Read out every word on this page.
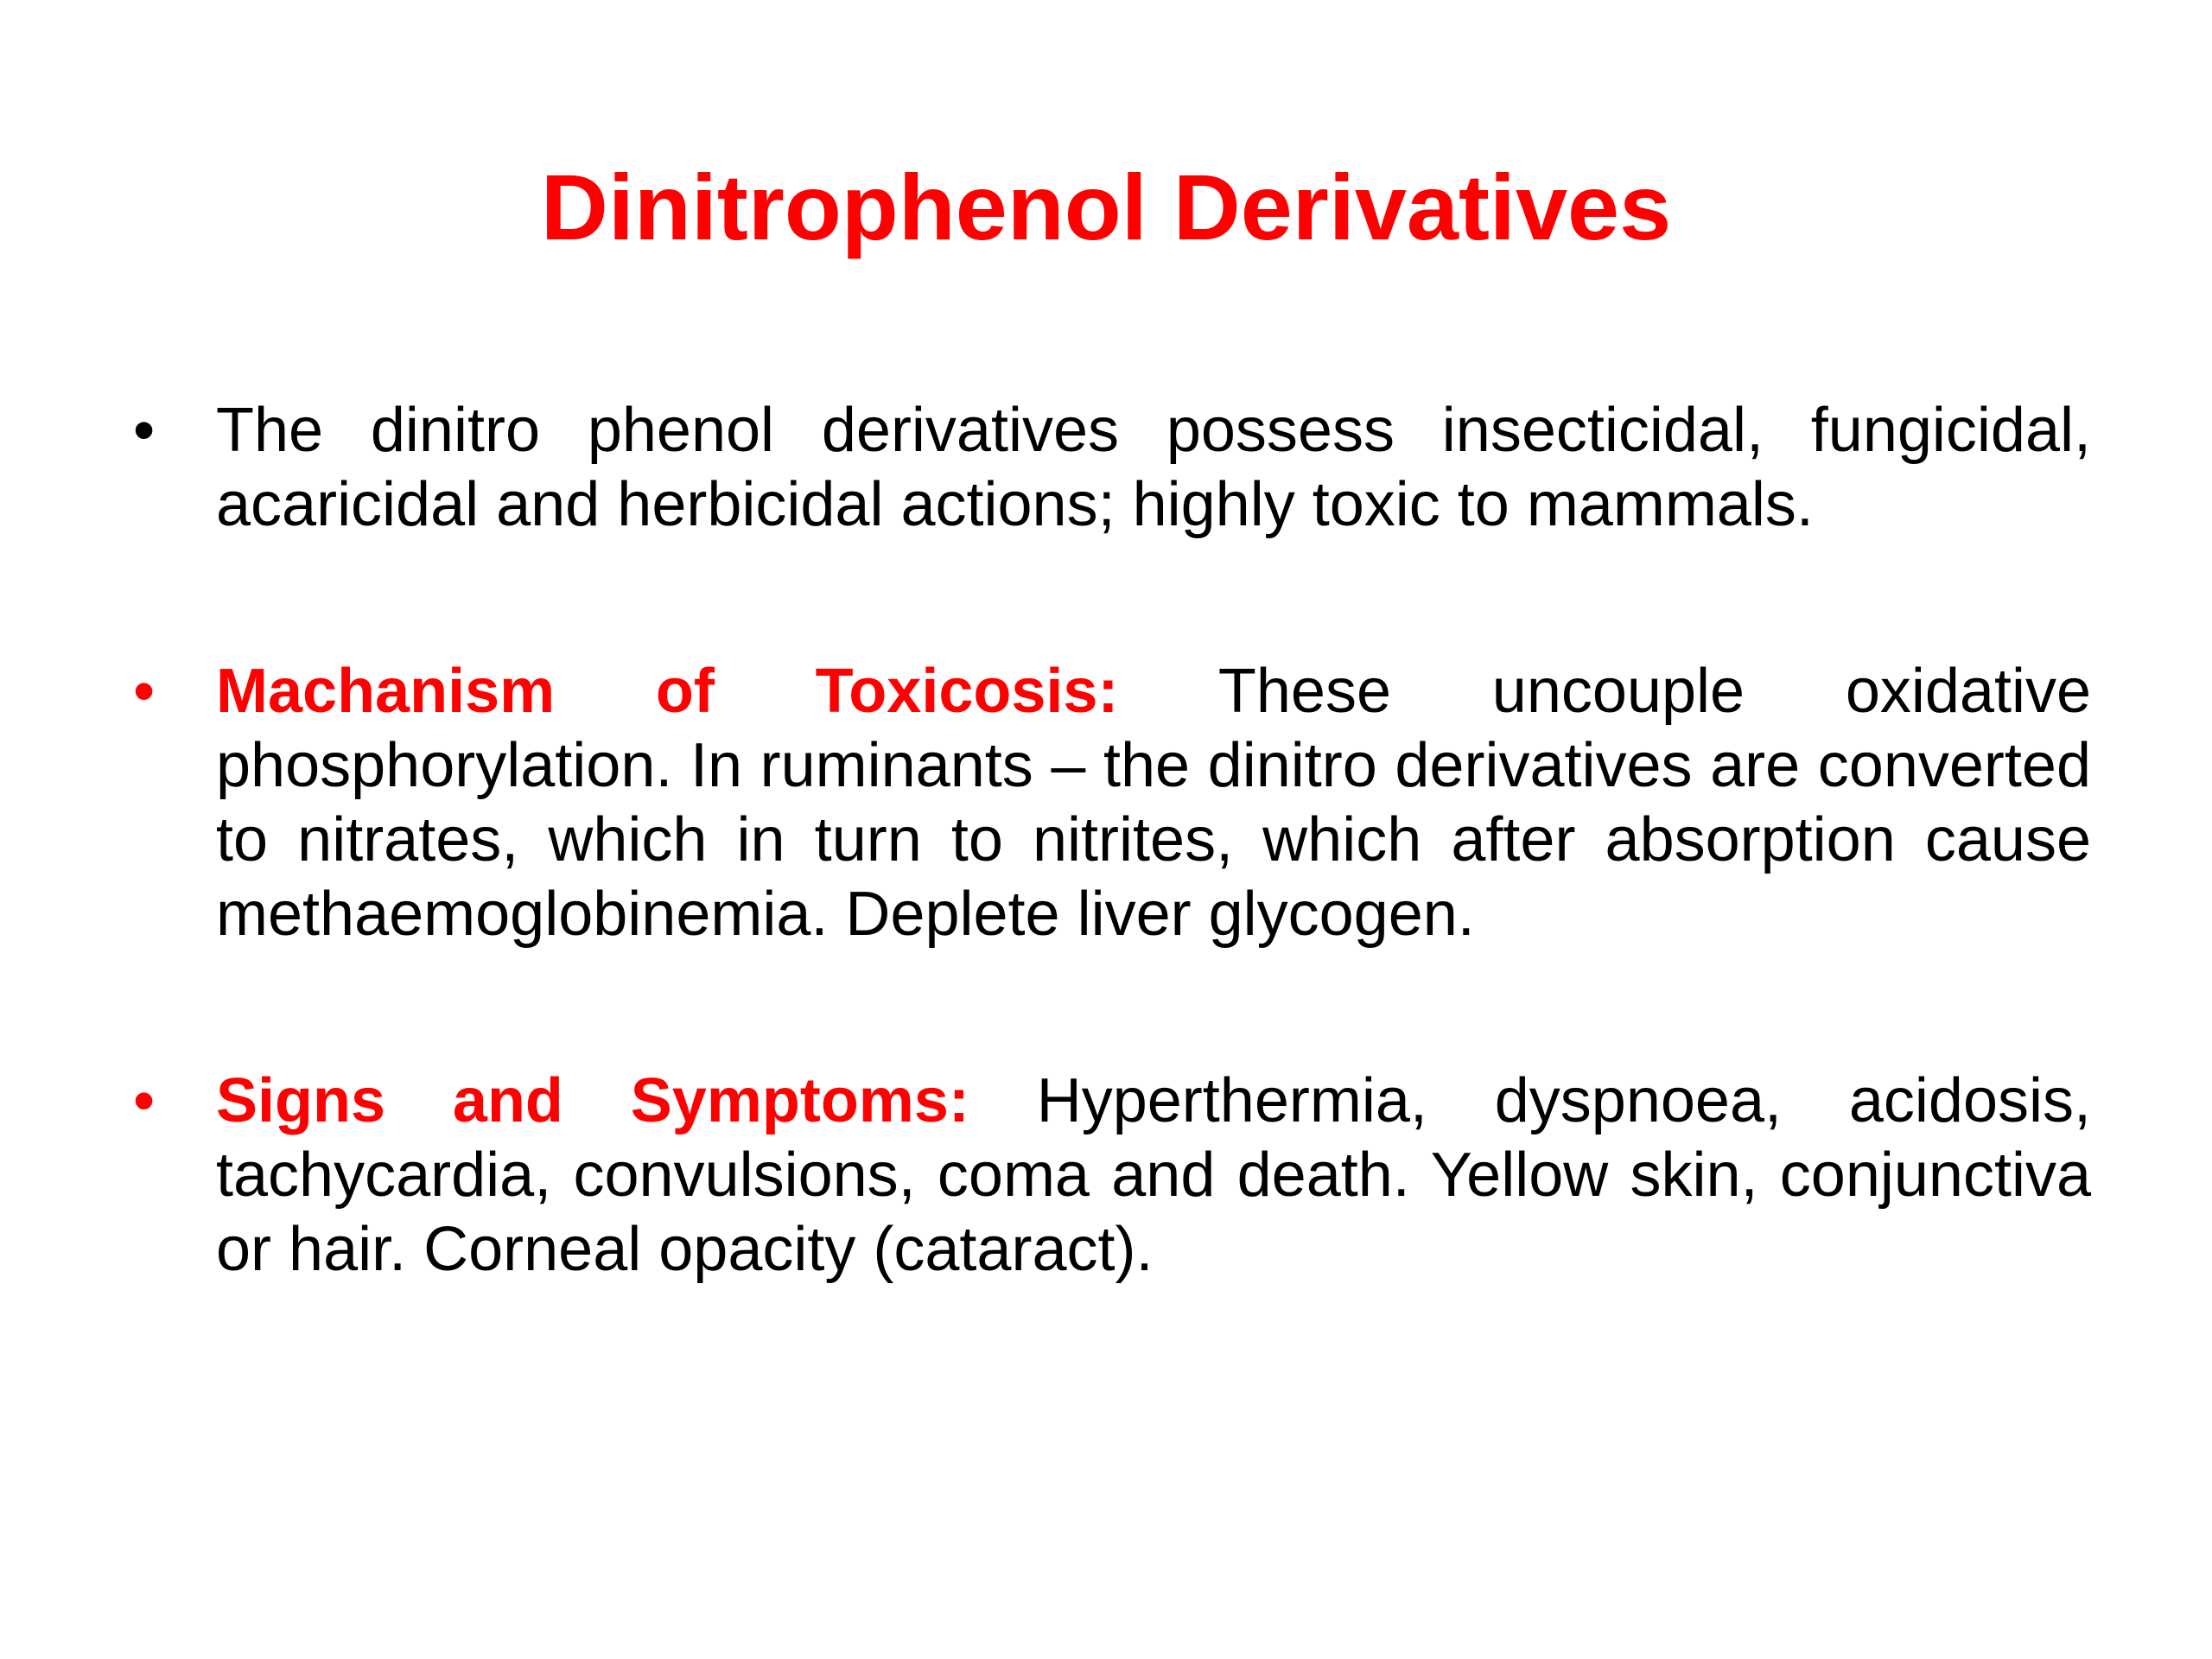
Dinitrophenol Derivatives
• The dinitro phenol derivatives possess insecticidal, fungicidal, acaricidal and herbicidal actions; highly toxic to mammals.
• Machanism of Toxicosis: These uncouple oxidative phosphorylation. In ruminants – the dinitro derivatives are converted to nitrates, which in turn to nitrites, which after absorption cause methaemoglobinemia. Deplete liver glycogen.
• Signs and Symptoms: Hyperthermia, dyspnoea, acidosis, tachycardia, convulsions, coma and death. Yellow skin, conjunctiva or hair. Corneal opacity (cataract).
